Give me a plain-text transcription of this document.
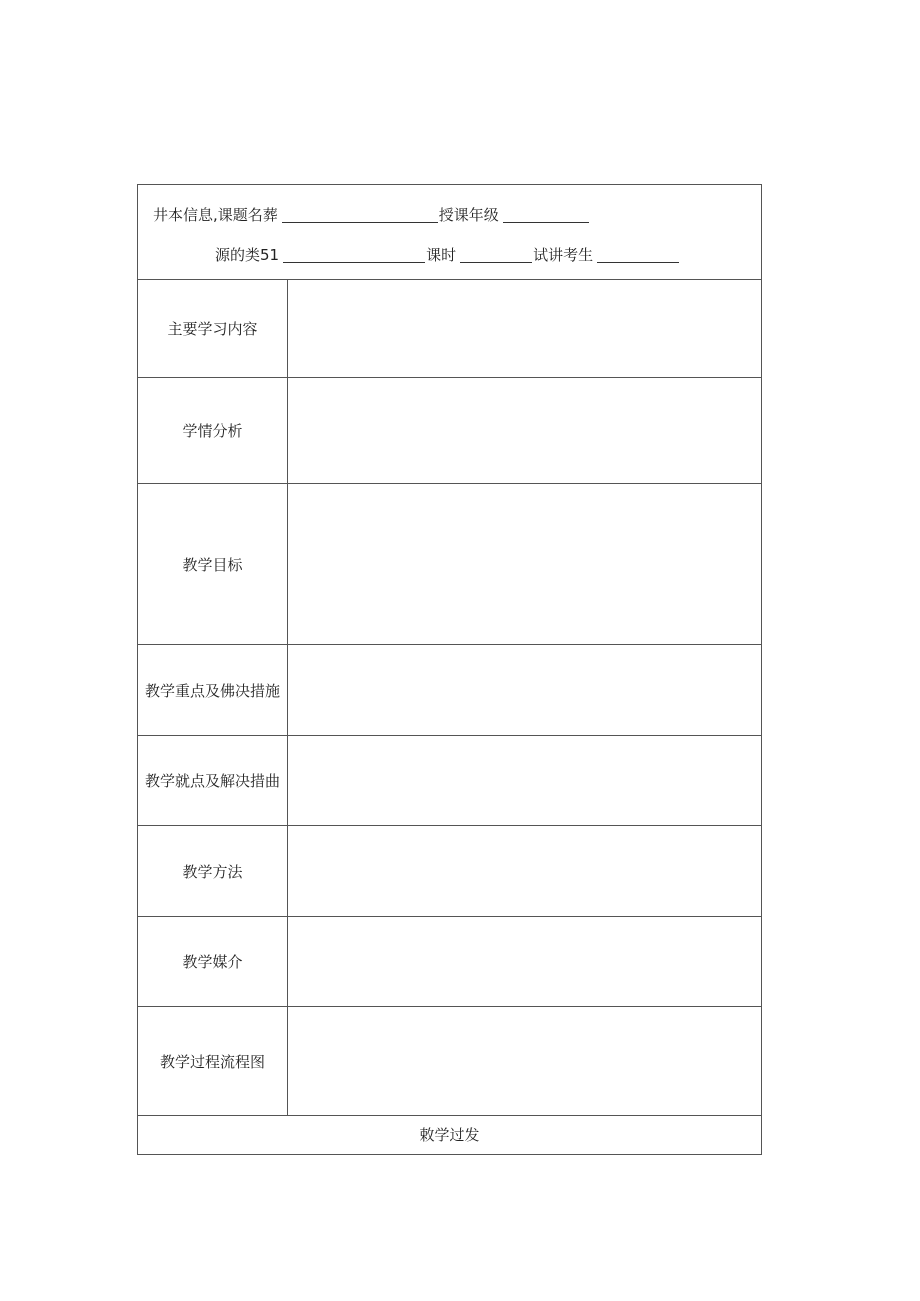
井本信息,课题名葬	授课年级
源的类51	课时	试讲考生
主要学习内容
学情分析
教学目标
教学重点及佛决措施
教学就点及解决措曲
教学方法
教学媒介
教学过程流程图
敕学过发
